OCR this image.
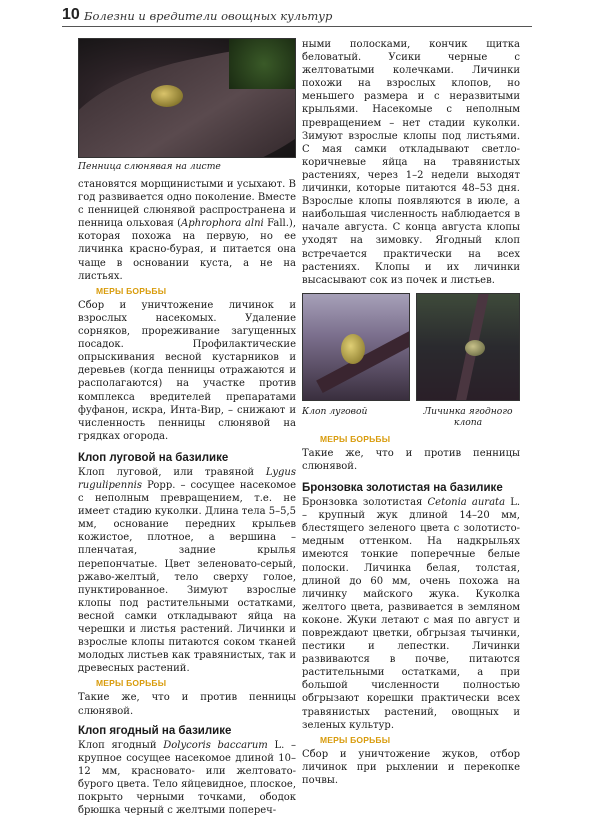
10 Болезни и вредители овощных культур
Пенница слюнявая на листе

становятся морщинистыми и усыхают. В год развивается одно поколение. Вместе с пенницей слюнявой распространена и пенница ольховая (Aphrophora alni Fall.), которая похожа на первую, но ее личинка красно-бурая, и питается она чаще в основании куста, а не на листьях.

МЕРЫ БОРЬБЫ

Сбор и уничтожение личинок и взрослых насекомых. Удаление сорняков, прореживание загущенных посадок. Профилактические опрыскивания весной кустарников и деревьев (когда пенницы отражаются и располагаются) на участке против комплекса вредителей препаратами фуфанон, искра, Инта-Вир, – снижают и численность пенницы слюнявой на грядках огорода.

Клоп луговой на базилике

Клоп луговой, или травяной Lygus rugulipennis Popp. – сосущее насекомое с неполным превращением, т.е. не имеет стадию куколки. Длина тела 5–5,5 мм, основание передних крыльев кожистое, плотное, а вершина – пленчатая, задние крылья перепончатые. Цвет зеленовато-серый, ржаво-желтый, тело сверху голое, пунктированное. Зимуют взрослые клопы под растительными остатками, весной самки откладывают яйца на черешки и листья растений. Личинки и взрослые клопы питаются соком тканей молодых листьев как травянистых, так и древесных растений.

МЕРЫ БОРЬБЫ

Такие же, что и против пенницы слюнявой.

Клоп ягодный на базилике

Клоп ягодный Dolycoris baccarum L. – крупное сосущее насекомое длиной 10–12 мм, красновато- или желтовато-бурого цвета. Тело яйцевидное, плоское, покрыто черными точками, ободок брюшка черный с желтыми попереч-

ными полосками, кончик щитка беловатый. Усики черные с желтоватыми колечками. Личинки похожи на взрослых клопов, но меньшего размера и с неразвитыми крыльями. Насекомые с неполным превращением – нет стадии куколки. Зимуют взрослые клопы под листьями. С мая самки откладывают светло-коричневые яйца на травянистых растениях, через 1–2 недели выходят личинки, которые питаются 48–53 дня. Взрослые клопы появляются в июле, а наибольшая численность наблюдается в начале августа. С конца августа клопы уходят на зимовку. Ягодный клоп встречается практически на всех растениях. Клопы и их личинки высасывают сок из почек и листьев.

Клоп луговой	Личинка ягодного клопа
МЕРЫ БОРЬБЫ

Такие же, что и против пенницы слюнявой.

Бронзовка золотистая на базилике

Бронзовка золотистая Cetonia aurata L. – крупный жук длиной 14–20 мм, блестящего зеленого цвета с золотисто-медным оттенком. На надкрыльях имеются тонкие поперечные белые полоски. Личинка белая, толстая, длиной до 60 мм, очень похожа на личинку майского жука. Куколка желтого цвета, развивается в земляном коконе. Жуки летают с мая по август и повреждают цветки, обгрызая тычинки, пестики и лепестки. Личинки развиваются в почве, питаются растительными остатками, а при большой численности полностью обгрызают корешки практически всех травянистых растений, овощных и зеленых культур.

МЕРЫ БОРЬБЫ

Сбор и уничтожение жуков, отбор личинок при рыхлении и перекопке почвы.
